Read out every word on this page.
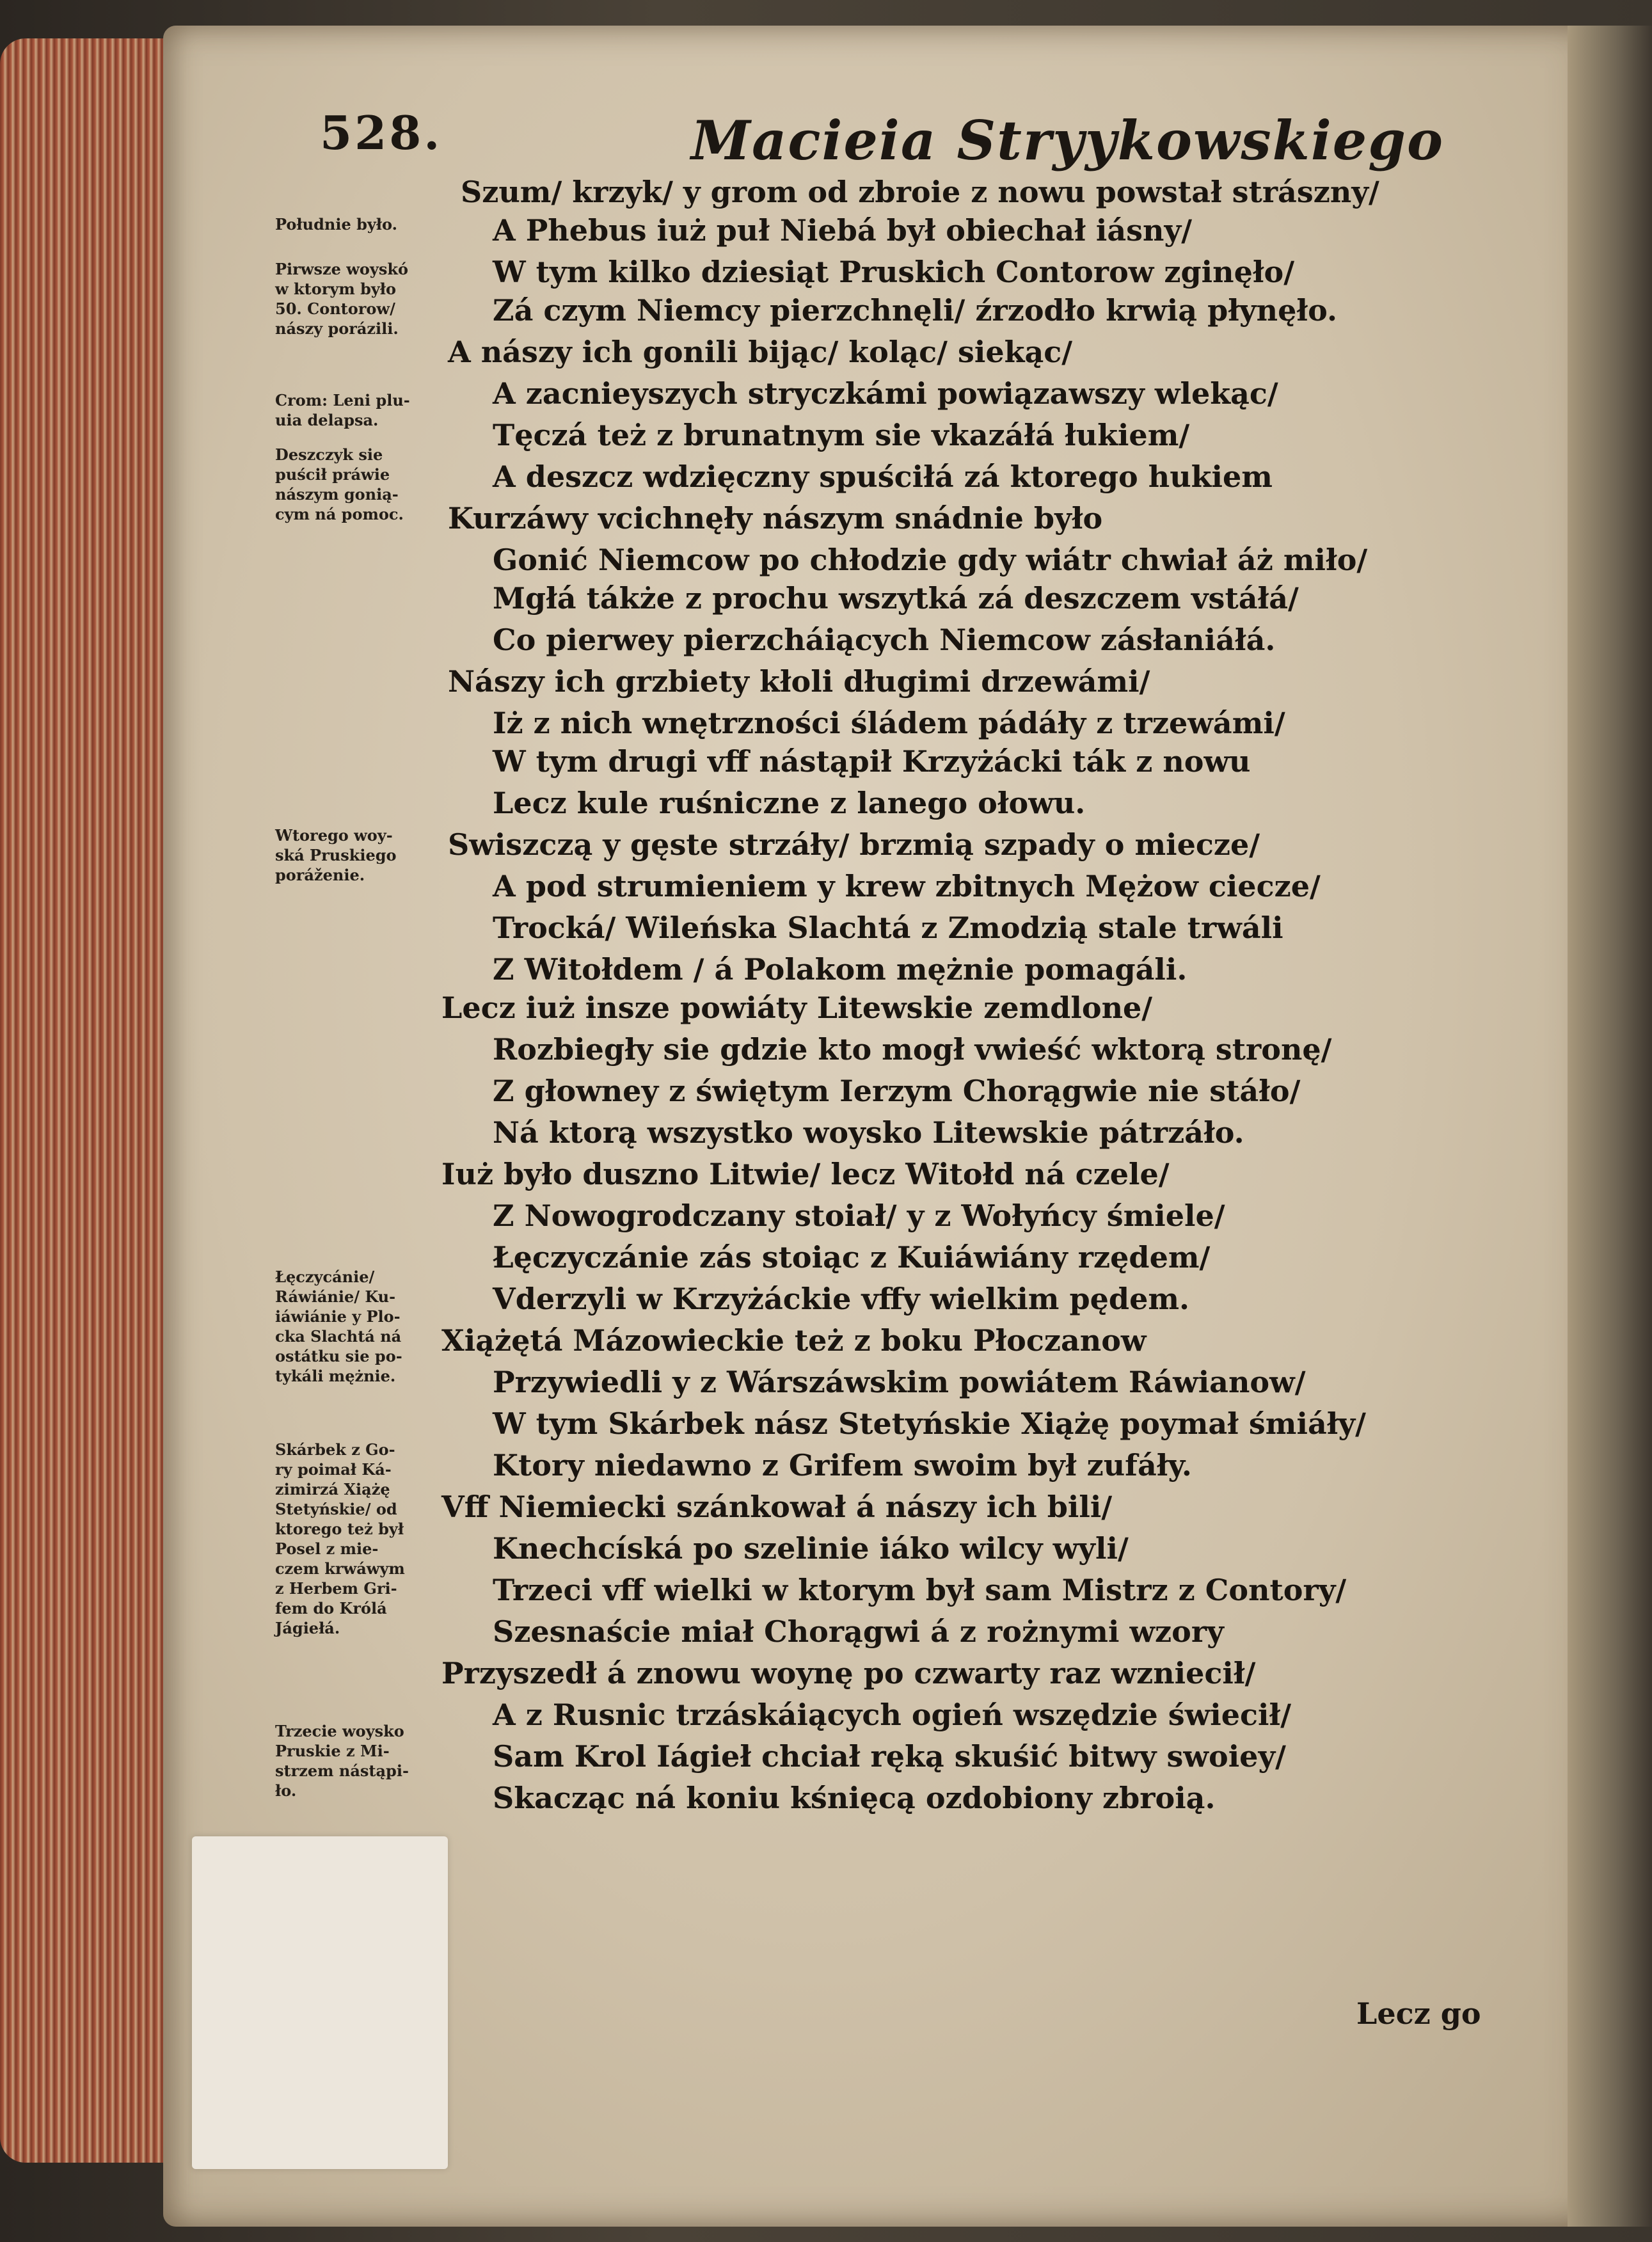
528.	Macieia Stryykowskiego
Południe było.
Pirwsze woyskó
w ktorym było
50. Contorow/
nászy porázili.
Crom: Leni plu-
uia delapsa.
Deszczyk sie
puścił práwie
nászym gonią-
cym ná pomoc.
Wtorego woy-
ská Pruskiego
poráženie.
Łęczycánie/
Ráwiánie/ Ku-
iáwiánie y Plo-
cka Slachtá ná
ostátku sie po-
tykáli mężnie.
Skárbek z Go-
ry poimał Ká-
zimirzá Xiążę
Stetyńskie/ od
ktorego też był
Posel z mie-
czem krwáwym
z Herbem Gri-
fem do Królá
Jágiełá.
Trzecie woysko
Pruskie z Mi-
strzem nástąpi-
ło.
Szum/ krzyk/ y grom od zbroie z nowu powstał strászny/
A Phebus iuż puł Niebá był obiechał iásny/
W tym kilko dziesiąt Pruskich Contorow zginęło/
Zá czym Niemcy pierzchnęli/ źrzodło krwią płynęło.
A nászy ich gonili bijąc/ koląc/ siekąc/
A zacnieyszych stryczkámi powiązawszy wlekąc/
Tęczá też z brunatnym sie vkazáłá łukiem/
A deszcz wdzięczny spuściłá zá ktorego hukiem
Kurzáwy vcichnęły nászym snádnie było
Gonić Niemcow po chłodzie gdy wiátr chwiał áż miło/
Mgłá tákże z prochu wszytká zá deszczem vstáłá/
Co pierwey pierzcháiących Niemcow zásłaniáłá.
Nászy ich grzbiety kłoli długimi drzewámi/
Iż z nich wnętrzności śládem pádáły z trzewámi/
W tym drugi vff nástąpił Krzyżácki ták z nowu
Lecz kule ruśniczne z lanego ołowu.
Swiszczą y gęste strzáły/ brzmią szpady o miecze/
A pod strumieniem y krew zbitnych Mężow ciecze/
Trocká/ Wileńska Slachtá z Zmodzią stale trwáli
Z Witołdem / á Polakom mężnie pomagáli.
Lecz iuż insze powiáty Litewskie zemdlone/
Rozbiegły sie gdzie kto mogł vwieść wktorą stronę/
Z głowney z świętym Ierzym Chorągwie nie stáło/
Ná ktorą wszystko woysko Litewskie pátrzáło.
Iuż było duszno Litwie/ lecz Witołd ná czele/
Z Nowogrodczany stoiał/ y z Wołyńcy śmiele/
Łęczyczánie zás stoiąc z Kuiáwiány rzędem/
Vderzyli w Krzyżáckie vffy wielkim pędem.
Xiążętá Mázowieckie też z boku Płoczanow
Przywiedli y z Wárszáwskim powiátem Ráwianow/
W tym Skárbek nász Stetyńskie Xiążę poymał śmiáły/
Ktory niedawno z Grifem swoim był zufáły.
Vff Niemiecki szánkował á nászy ich bili/
Knechcíská po szelinie iáko wilcy wyli/
Trzeci vff wielki w ktorym był sam Mistrz z Contory/
Szesnaście miał Chorągwi á z rożnymi wzory
Przyszedł á znowu woynę po czwarty raz wzniecił/
A z Rusnic trzáskáiących ogień wszędzie świecił/
Sam Krol Iágieł chciał ręką skuśić bitwy swoiey/
Skacząc ná koniu kśnięcą ozdobiony zbroią.
Lecz go
